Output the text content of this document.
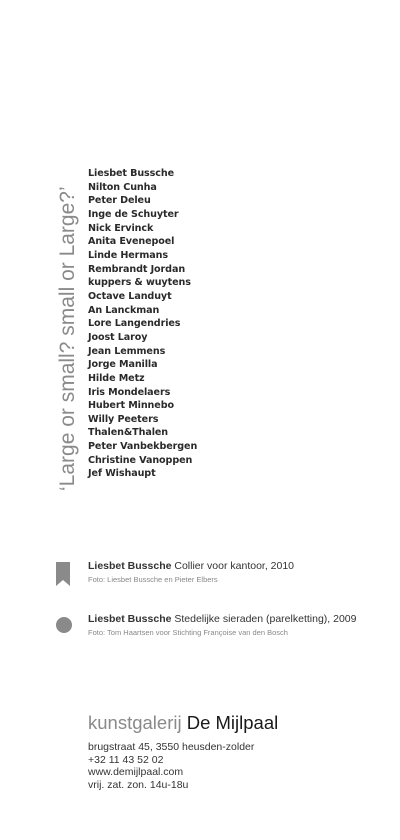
‘Large or small? small or Large?’
Liesbet Bussche
Nilton Cunha
Peter Deleu
Inge de Schuyter
Nick Ervinck
Anita Evenepoel
Linde Hermans
Rembrandt Jordan
kuppers & wuytens
Octave Landuyt
An Lanckman
Lore Langendries
Joost Laroy
Jean Lemmens
Jorge Manilla
Hilde Metz
Iris Mondelaers
Hubert Minnebo
Willy Peeters
Thalen&Thalen
Peter Vanbekbergen
Christine Vanoppen
Jef Wishaupt
Liesbet Bussche Collier voor kantoor, 2010
Foto: Liesbet Bussche en Pieter Elbers
Liesbet Bussche Stedelijke sieraden (parelketting), 2009
Foto: Tom Haartsen voor Stichting Françoise van den Bosch
kunstgalerij De Mijlpaal
brugstraat 45, 3550 heusden-zolder
+32 11 43 52 02
www.demijlpaal.com
vrij. zat. zon. 14u-18u
